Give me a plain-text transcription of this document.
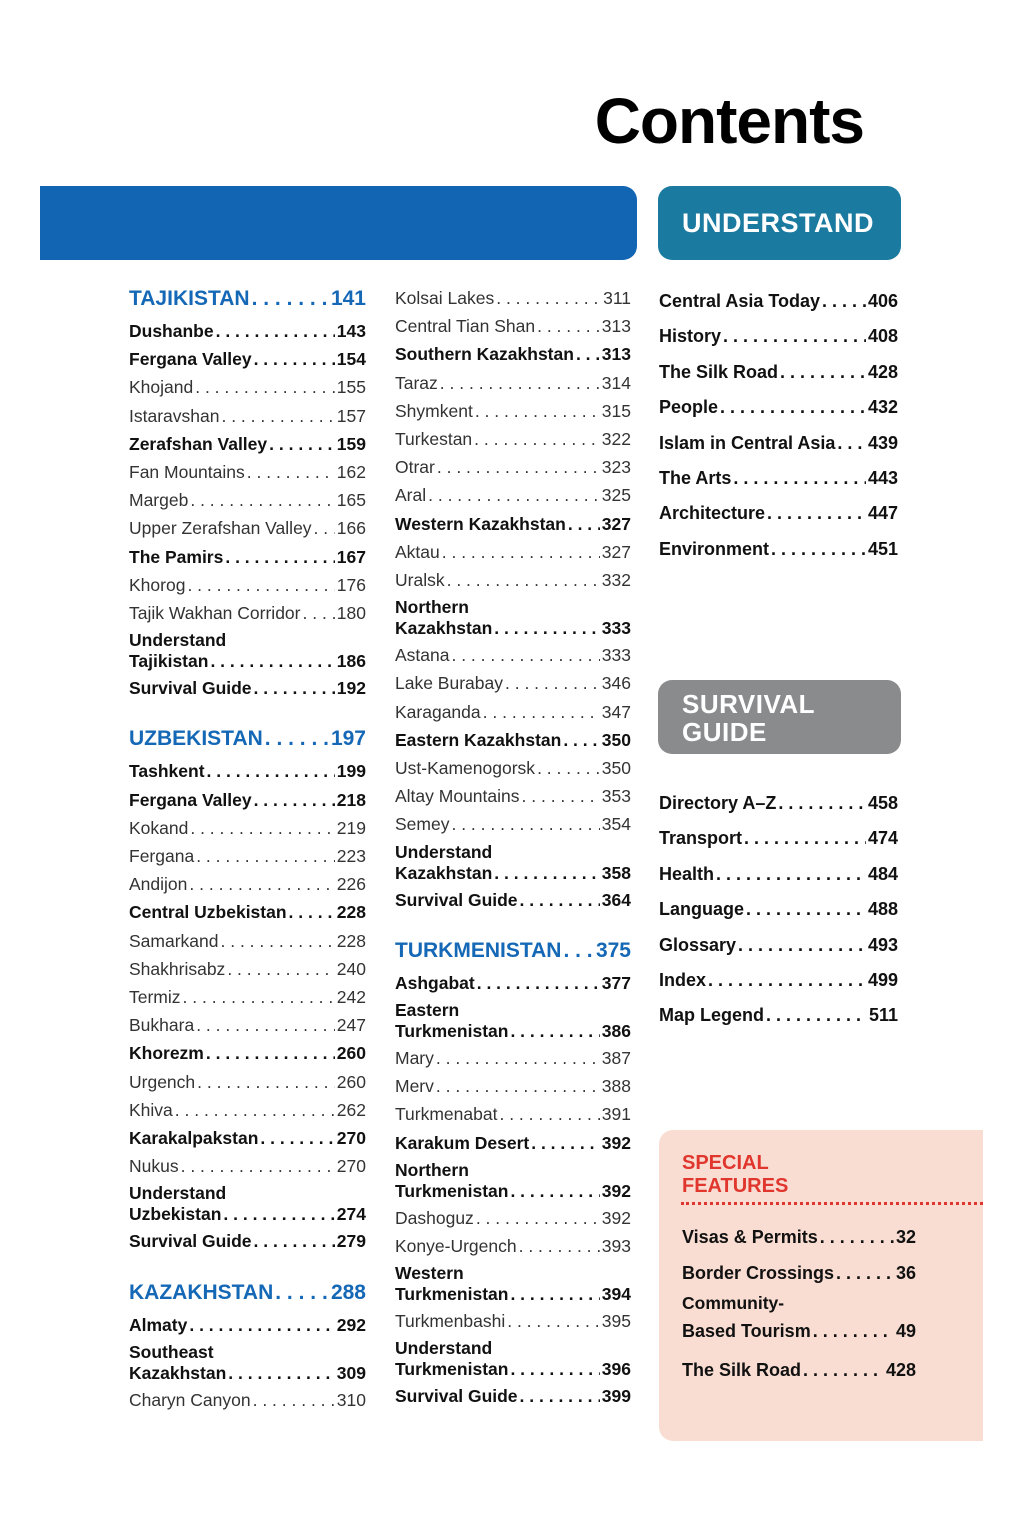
Contents
UNDERSTAND
SURVIVAL
GUIDE
TAJIKISTAN . . .	141
Dushanbe . . .	143
Fergana Valley . . .	154
Khojand . . .	155
Istaravshan . . .	157
Zerafshan Valley . . .	159
Fan Mountains . . .	162
Margeb . . .	165
Upper Zerafshan Valley . . . 166
The Pamirs . . .	167
Khorog . . .	176
Tajik Wakhan Corridor . . . 180
Understand
Tajikistan . . .	186
Survival Guide . . .	192
UZBEKISTAN . . .	197
Tashkent . . .	199
Fergana Valley . . .	218
Kokand . . .	219
Fergana . . .	223
Andijon . . .	226
Central Uzbekistan . . .	228
Samarkand . . .	228
Shakhrisabz . . .	240
Termiz . . .	242
Bukhara . . .	247
Khorezm . . .	260
Urgench . . .	260
Khiva . . .	262
Karakalpakstan . . .	270
Nukus . . .	270
Understand
Uzbekistan . . .	274
Survival Guide . . .	279
KAZAKHSTAN . . .	288
Almaty . . .	292
Southeast
Kazakhstan . . .	309
Charyn Canyon . . .	310
Kolsai Lakes . . .	311
Central Tian Shan . . .	313
Southern Kazakhstan . . . 313
Taraz . . .	314
Shymkent . . .	315
Turkestan . . .	322
Otrar . . .	323
Aral . . .	325
Western Kazakhstan . . . 327
Aktau . . .	327
Uralsk . . .	332
Northern
Kazakhstan . . .	333
Astana . . .	333
Lake Burabay . . .	346
Karaganda . . .	347
Eastern Kazakhstan . . . 350
Ust-Kamenogorsk . . .	350
Altay Mountains . . .	353
Semey . . .	354
Understand
Kazakhstan . . .	358
Survival Guide . . .	364
TURKMENISTAN . . . 375
Ashgabat . . .	377
Eastern
Turkmenistan . . .	386
Mary . . .	387
Merv . . .	388
Turkmenabat . . .	391
Karakum Desert . . .	392
Northern
Turkmenistan . . .	392
Dashoguz . . .	392
Konye-Urgench . . .	393
Western
Turkmenistan . . .	394
Turkmenbashi . . .	395
Understand
Turkmenistan . . .	396
Survival Guide . . .	399
Central Asia Today . . .	406
History . . .	408
The Silk Road . . .	428
People . . .	432
Islam in Central Asia . . . 439
The Arts . . .	443
Architecture . . .	447
Environment . . .	451
Directory A–Z . . .	458
Transport . . .	474
Health . . .	484
Language . . .	488
Glossary . . .	493
Index . . .	499
Map Legend . . .	511
SPECIAL
FEATURES
Visas & Permits . . .	32
Border Crossings . . .	36
Community-
Based Tourism . . .	49
The Silk Road . . .	428
